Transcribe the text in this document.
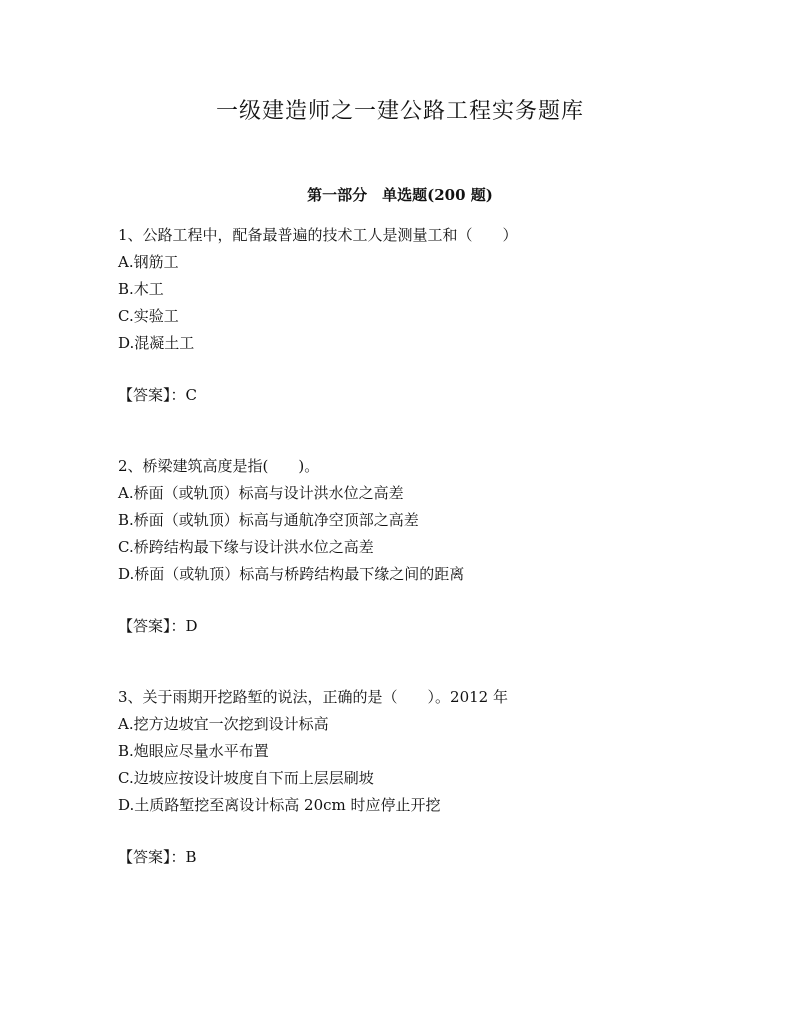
一级建造师之一建公路工程实务题库
第一部分　单选题(200 题)
1、公路工程中，配备最普遍的技术工人是测量工和（　　）
A.钢筋工
B.木工
C.实验工
D.混凝土工
【答案】：C
2、桥梁建筑高度是指(　　)。
A.桥面（或轨顶）标高与设计洪水位之高差
B.桥面（或轨顶）标高与通航净空顶部之高差
C.桥跨结构最下缘与设计洪水位之高差
D.桥面（或轨顶）标高与桥跨结构最下缘之间的距离
【答案】：D
3、关于雨期开挖路堑的说法，正确的是（　　）。2012 年
A.挖方边坡宜一次挖到设计标高
B.炮眼应尽量水平布置
C.边坡应按设计坡度自下而上层层刷坡
D.土质路堑挖至离设计标高 20cm 时应停止开挖
【答案】：B
